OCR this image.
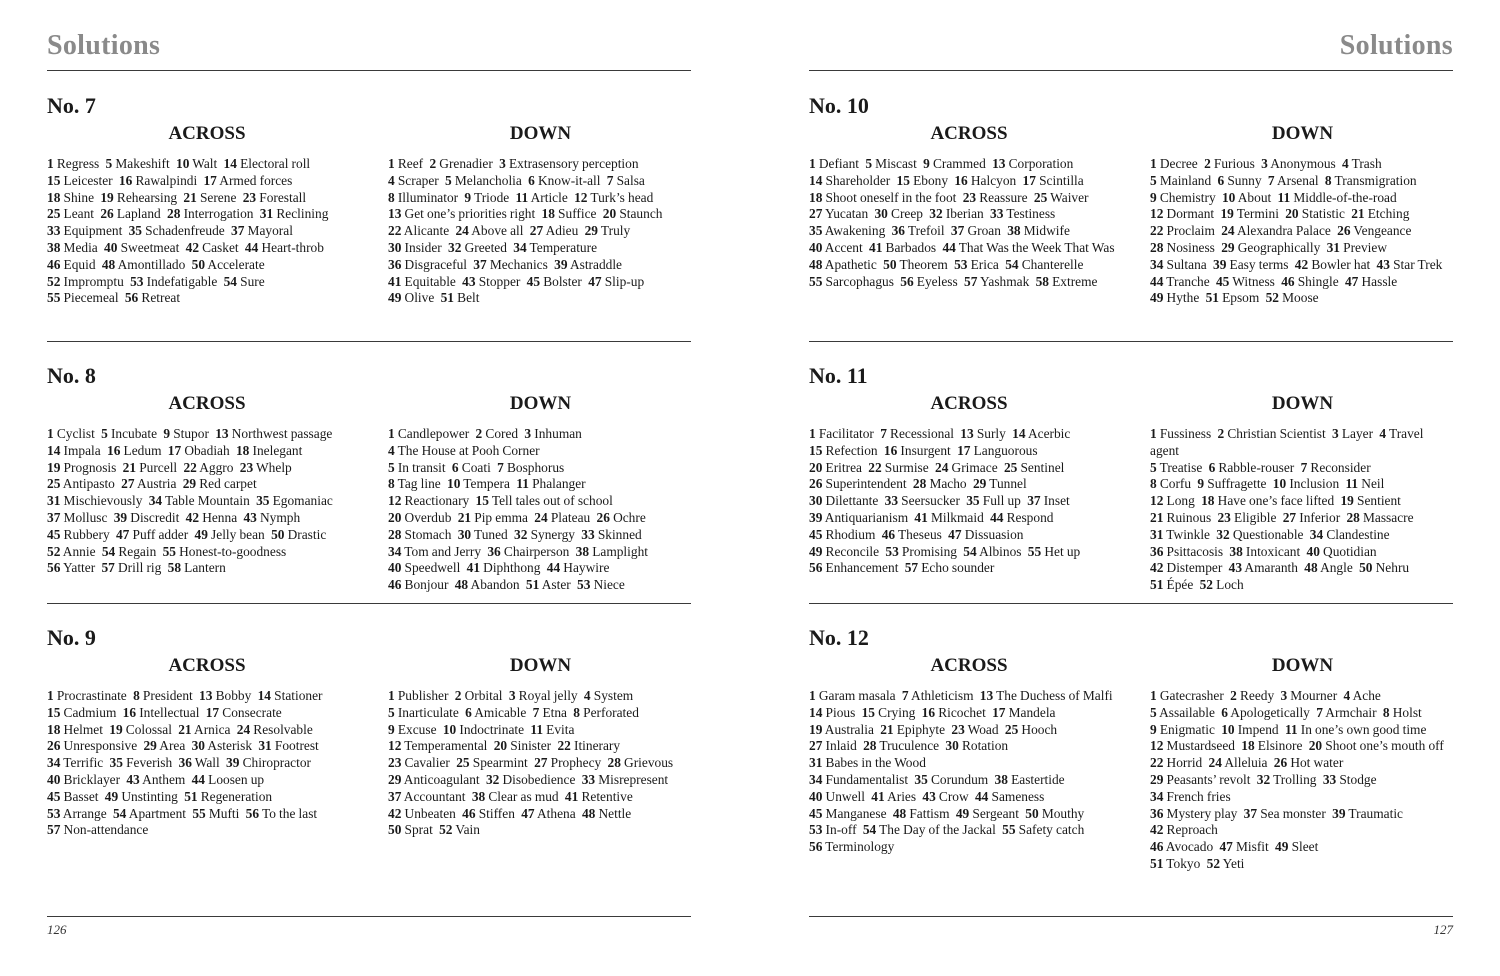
Solutions
No. 7
ACROSS
1 Regress 5 Makeshift 10 Walt 14 Electoral roll
15 Leicester 16 Rawalpindi 17 Armed forces
18 Shine 19 Rehearsing 21 Serene 23 Forestall
25 Leant 26 Lapland 28 Interrogation 31 Reclining
33 Equipment 35 Schadenfreude 37 Mayoral
38 Media 40 Sweetmeat 42 Casket 44 Heart-throb
46 Equid 48 Amontillado 50 Accelerate
52 Impromptu 53 Indefatigable 54 Sure
55 Piecemeal 56 Retreat
DOWN
1 Reef 2 Grenadier 3 Extrasensory perception
4 Scraper 5 Melancholia 6 Know-it-all 7 Salsa
8 Illuminator 9 Triode 11 Article 12 Turk’s head
13 Get one’s priorities right 18 Suffice 20 Staunch
22 Alicante 24 Above all 27 Adieu 29 Truly
30 Insider 32 Greeted 34 Temperature
36 Disgraceful 37 Mechanics 39 Astraddle
41 Equitable 43 Stopper 45 Bolster 47 Slip-up
49 Olive 51 Belt
No. 8
ACROSS
1 Cyclist 5 Incubate 9 Stupor 13 Northwest passage
14 Impala 16 Ledum 17 Obadiah 18 Inelegant
19 Prognosis 21 Purcell 22 Aggro 23 Whelp
25 Antipasto 27 Austria 29 Red carpet
31 Mischievously 34 Table Mountain 35 Egomaniac
37 Mollusc 39 Discredit 42 Henna 43 Nymph
45 Rubbery 47 Puff adder 49 Jelly bean 50 Drastic
52 Annie 54 Regain 55 Honest-to-goodness
56 Yatter 57 Drill rig 58 Lantern
DOWN
1 Candlepower 2 Cored 3 Inhuman  4 The House at Pooh Corner
5 In transit 6 Coati 7 Bosphorus
8 Tag line 10 Tempera 11 Phalanger
12 Reactionary 15 Tell tales out of school
20 Overdub 21 Pip emma 24 Plateau 26 Ochre
28 Stomach 30 Tuned 32 Synergy 33 Skinned
34 Tom and Jerry 36 Chairperson 38 Lamplight
40 Speedwell 41 Diphthong 44 Haywire
46 Bonjour 48 Abandon 51 Aster 53 Niece
No. 9
ACROSS
1 Procrastinate 8 President 13 Bobby 14 Stationer
15 Cadmium 16 Intellectual 17 Consecrate
18 Helmet 19 Colossal 21 Arnica 24 Resolvable
26 Unresponsive 29 Area 30 Asterisk 31 Footrest
34 Terrific 35 Feverish 36 Wall 39 Chiropractor
40 Bricklayer 43 Anthem 44 Loosen up
45 Basset 49 Unstinting 51 Regeneration
53 Arrange 54 Apartment 55 Mufti 56 To the last
57 Non-attendance
DOWN
1 Publisher 2 Orbital 3 Royal jelly 4 System
5 Inarticulate 6 Amicable 7 Etna 8 Perforated
9 Excuse 10 Indoctrinate 11 Evita
12 Temperamental 20 Sinister 22 Itinerary
23 Cavalier 25 Spearmint 27 Prophecy 28 Grievous
29 Anticoagulant 32 Disobedience 33 Misrepresent
37 Accountant 38 Clear as mud 41 Retentive
42 Unbeaten 46 Stiffen 47 Athena 48 Nettle
50 Sprat 52 Vain
126
Solutions
No. 10
ACROSS
1 Defiant 5 Miscast 9 Crammed 13 Corporation
14 Shareholder 15 Ebony 16 Halcyon 17 Scintilla
18 Shoot oneself in the foot 23 Reassure 25 Waiver
27 Yucatan 30 Creep 32 Iberian 33 Testiness
35 Awakening 36 Trefoil 37 Groan 38 Midwife
40 Accent 41 Barbados 44 That Was the Week That Was
48 Apathetic 50 Theorem 53 Erica 54 Chanterelle
55 Sarcophagus 56 Eyeless 57 Yashmak 58 Extreme
DOWN
1 Decree 2 Furious 3 Anonymous 4 Trash
5 Mainland 6 Sunny 7 Arsenal 8 Transmigration
9 Chemistry 10 About 11 Middle-of-the-road
12 Dormant 19 Termini 20 Statistic 21 Etching
22 Proclaim 24 Alexandra Palace 26 Vengeance
28 Nosiness 29 Geographically 31 Preview
34 Sultana 39 Easy terms 42 Bowler hat 43 Star Trek
44 Tranche 45 Witness 46 Shingle 47 Hassle
49 Hythe 51 Epsom 52 Moose
No. 11
ACROSS
1 Facilitator 7 Recessional 13 Surly 14 Acerbic
15 Refection 16 Insurgent 17 Languorous
20 Eritrea 22 Surmise 24 Grimace 25 Sentinel
26 Superintendent 28 Macho 29 Tunnel
30 Dilettante 33 Seersucker 35 Full up 37 Inset
39 Antiquarianism 41 Milkmaid 44 Respond
45 Rhodium 46 Theseus 47 Dissuasion
49 Reconcile 53 Promising 54 Albinos 55 Het up
56 Enhancement 57 Echo sounder
DOWN
1 Fussiness 2 Christian Scientist 3 Layer 4 Travel agent
5 Treatise 6 Rabble-rouser 7 Reconsider
8 Corfu 9 Suffragette 10 Inclusion 11 Neil
12 Long 18 Have one’s face lifted 19 Sentient
21 Ruinous 23 Eligible 27 Inferior 28 Massacre
31 Twinkle 32 Questionable 34 Clandestine
36 Psittacosis 38 Intoxicant 40 Quotidian
42 Distemper 43 Amaranth 48 Angle 50 Nehru
51 Épée 52 Loch
No. 12
ACROSS
1 Garam masala 7 Athleticism 13 The Duchess of Malfi
14 Pious 15 Crying 16 Ricochet 17 Mandela
19 Australia 21 Epiphyte 23 Woad 25 Hooch
27 Inlaid 28 Truculence 30 Rotation  31 Babes in the Wood
34 Fundamentalist 35 Corundum 38 Eastertide
40 Unwell 41 Aries 43 Crow 44 Sameness
45 Manganese 48 Fattism 49 Sergeant 50 Mouthy
53 In-off 54 The Day of the Jackal 55 Safety catch
56 Terminology
DOWN
1 Gatecrasher 2 Reedy 3 Mourner 4 Ache
5 Assailable 6 Apologetically 7 Armchair 8 Holst
9 Enigmatic 10 Impend 11 In one’s own good time
12 Mustardseed 18 Elsinore 20 Shoot one’s mouth off
22 Horrid 24 Alleluia 26 Hot water
29 Peasants’ revolt 32 Trolling 33 Stodge  34 French fries
36 Mystery play 37 Sea monster 39 Traumatic  42 Reproach
46 Avocado 47 Misfit 49 Sleet
51 Tokyo 52 Yeti
127
